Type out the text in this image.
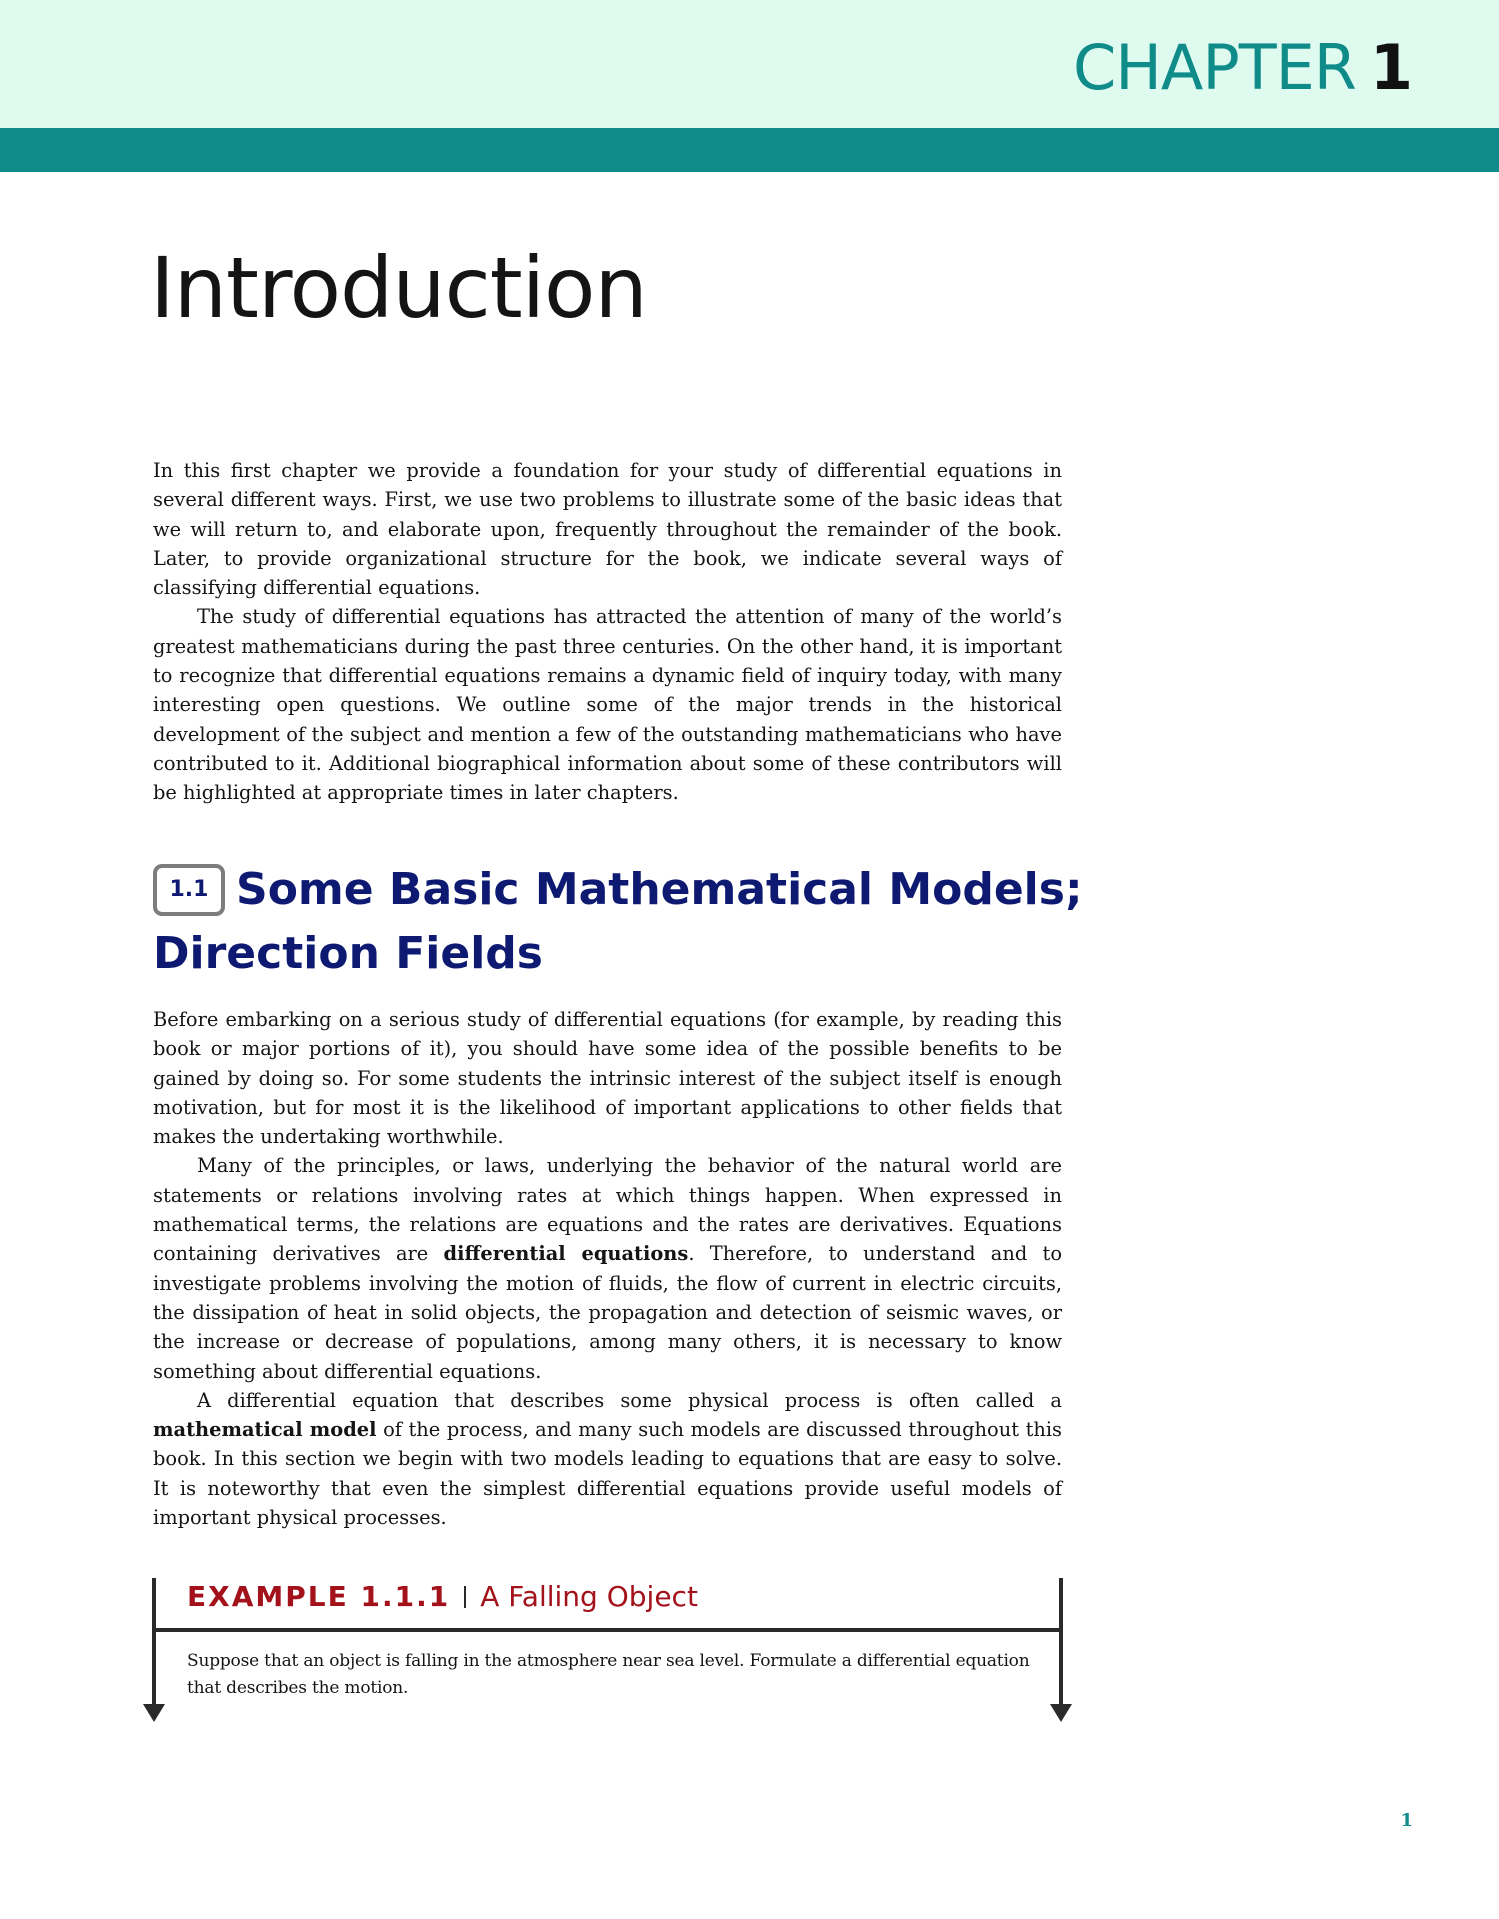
CHAPTER 1
Introduction

In this first chapter we provide a foundation for your study of differential equations in several different ways. First, we use two problems to illustrate some of the basic ideas that we will return to, and elaborate upon, frequently throughout the remainder of the book. Later, to provide organizational structure for the book, we indicate several ways of classifying differential equations.

The study of differential equations has attracted the attention of many of the world’s greatest mathematicians during the past three centuries. On the other hand, it is important to recognize that differential equations remains a dynamic field of inquiry today, with many interesting open questions. We outline some of the major trends in the historical development of the subject and mention a few of the outstanding mathematicians who have contributed to it. Additional biographical information about some of these contributors will be highlighted at appropriate times in later chapters.

1.1 Some Basic Mathematical Models; Direction Fields

Before embarking on a serious study of differential equations (for example, by reading this book or major portions of it), you should have some idea of the possible benefits to be gained by doing so. For some students the intrinsic interest of the subject itself is enough motivation, but for most it is the likelihood of important applications to other fields that makes the undertaking worthwhile.

Many of the principles, or laws, underlying the behavior of the natural world are statements or relations involving rates at which things happen. When expressed in mathematical terms, the relations are equations and the rates are derivatives. Equations containing derivatives are differential equations. Therefore, to understand and to investigate problems involving the motion of fluids, the flow of current in electric circuits, the dissipation of heat in solid objects, the propagation and detection of seismic waves, or the increase or decrease of populations, among many others, it is necessary to know something about differential equations.

A differential equation that describes some physical process is often called a mathematical model of the process, and many such models are discussed throughout this book. In this section we begin with two models leading to equations that are easy to solve. It is noteworthy that even the simplest differential equations provide useful models of important physical processes.

EXAMPLE 1.1.1 A Falling Object

Suppose that an object is falling in the atmosphere near sea level. Formulate a differential equation that describes the motion.

1
